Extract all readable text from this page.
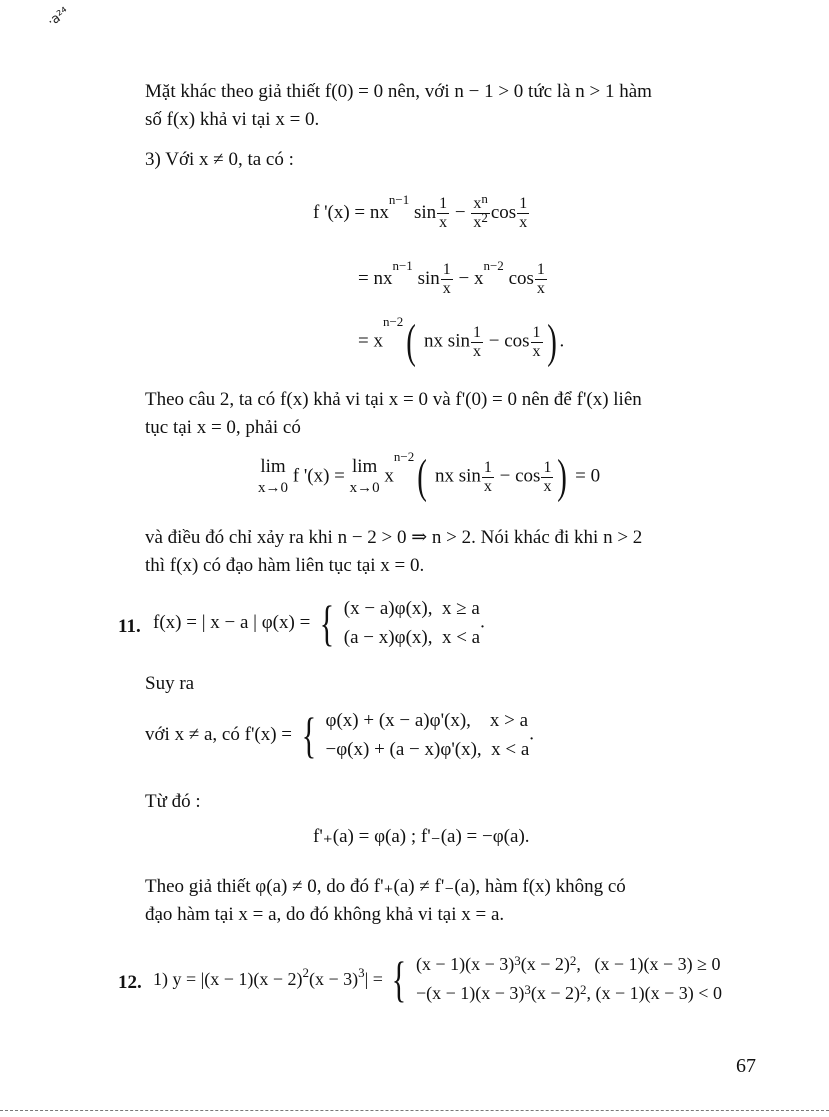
·a²⁴
Mặt khác theo giả thiết f(0) = 0 nên, với n − 1 > 0 tức là n > 1 hàm
số f(x) khả vi tại x = 0.
3) Với x ≠ 0, ta có :
f '$(x) = nx^{n-1}$ $\sin \frac{1}{x} - \frac{x^n}{x^2}$ $\cos \frac{1}{x}$
= $nx^{n-1}$ $\sin \frac{1}{x} - x^{n-2}$ $\cos \frac{1}{x}$
= $x^{n-2}$( nx $\sin \frac{1}{x} - \cos \frac{1}{x}$ ) .
Theo câu 2, ta có f(x) khả vi tại x = 0 và f'(0) = 0 nên để f'(x) liên
tục tại x = 0, phải có
lim
x→0 f '(x) = lim
x→0 $x^{n-2}$( nx $\sin \frac{1}{x} - \cos \frac{1}{x}$ ) = 0
và điều đó chỉ xảy ra khi n − 2 > 0 ⇒ n > 2. Nói khác đi khi n > 2
thì f(x) có đạo hàm liên tục tại x = 0.
11. f(x) = | x − a | φ(x) = { (x − a)φ(x),  x ≥ a
(a − x)φ(x),  x < a.
Suy ra
với x ≠ a, có f'(x) = { φ(x) + (x − a)φ'(x),    x > a
−φ(x) + (a − x)φ'(x),  x < a.
Từ đó :
f'₊(a) = φ(a) ; f'₋(a) = −φ(a).
Theo giả thiết φ(a) ≠ 0, do đó f'₊(a) ≠ f'₋(a), hàm f(x) không có
đạo hàm tại x = a, do đó không khả vi tại x = a.
12. 1) $y = |(x - 1)(x - 2)^2(x - 3)^3|$ = { $(x - 1)(x - 3)^3(x - 2)^2$,   (x − 1)(x − 3) ≥ 0
$-(x - 1)(x - 3)^3(x - 2)^2$, (x − 1)(x − 3) < 0
67
